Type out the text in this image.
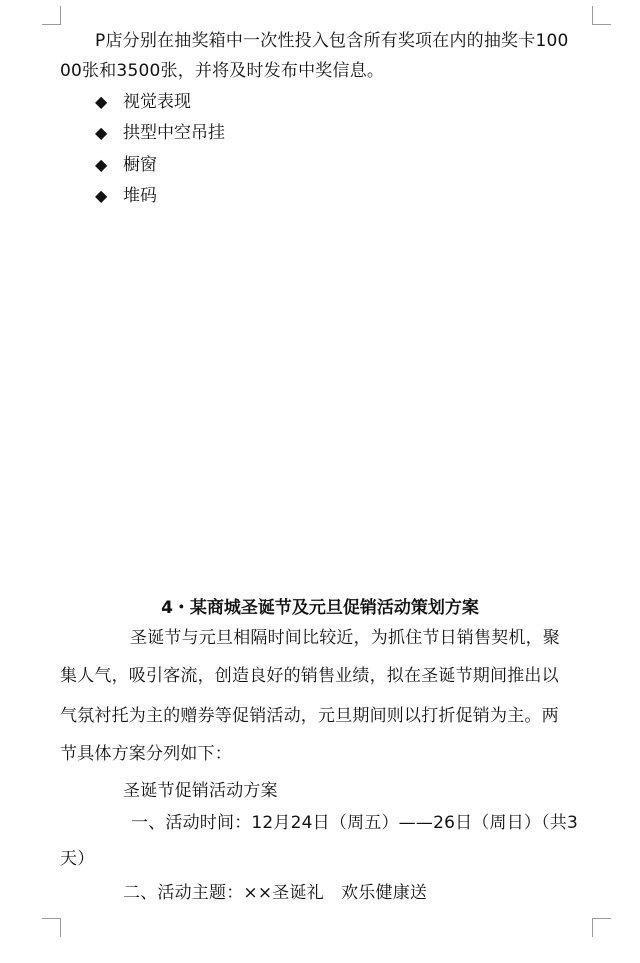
P店分别在抽奖箱中一次性投入包含所有奖项在内的抽奖卡100
00张和3500张，并将及时发布中奖信息。
◆ 视觉表现
◆ 拱型中空吊挂
◆ 橱窗
◆ 堆码
4・某商城圣诞节及元旦促销活动策划方案
圣诞节与元旦相隔时间比较近，为抓住节日销售契机，聚
集人气，吸引客流，创造良好的销售业绩，拟在圣诞节期间推出以
气氛衬托为主的赠券等促销活动，元旦期间则以打折促销为主。两
节具体方案分列如下：
圣诞节促销活动方案
一、活动时间：12月24日（周五）——26日（周日）（共3
天）
二、活动主题：××圣诞礼　欢乐健康送
